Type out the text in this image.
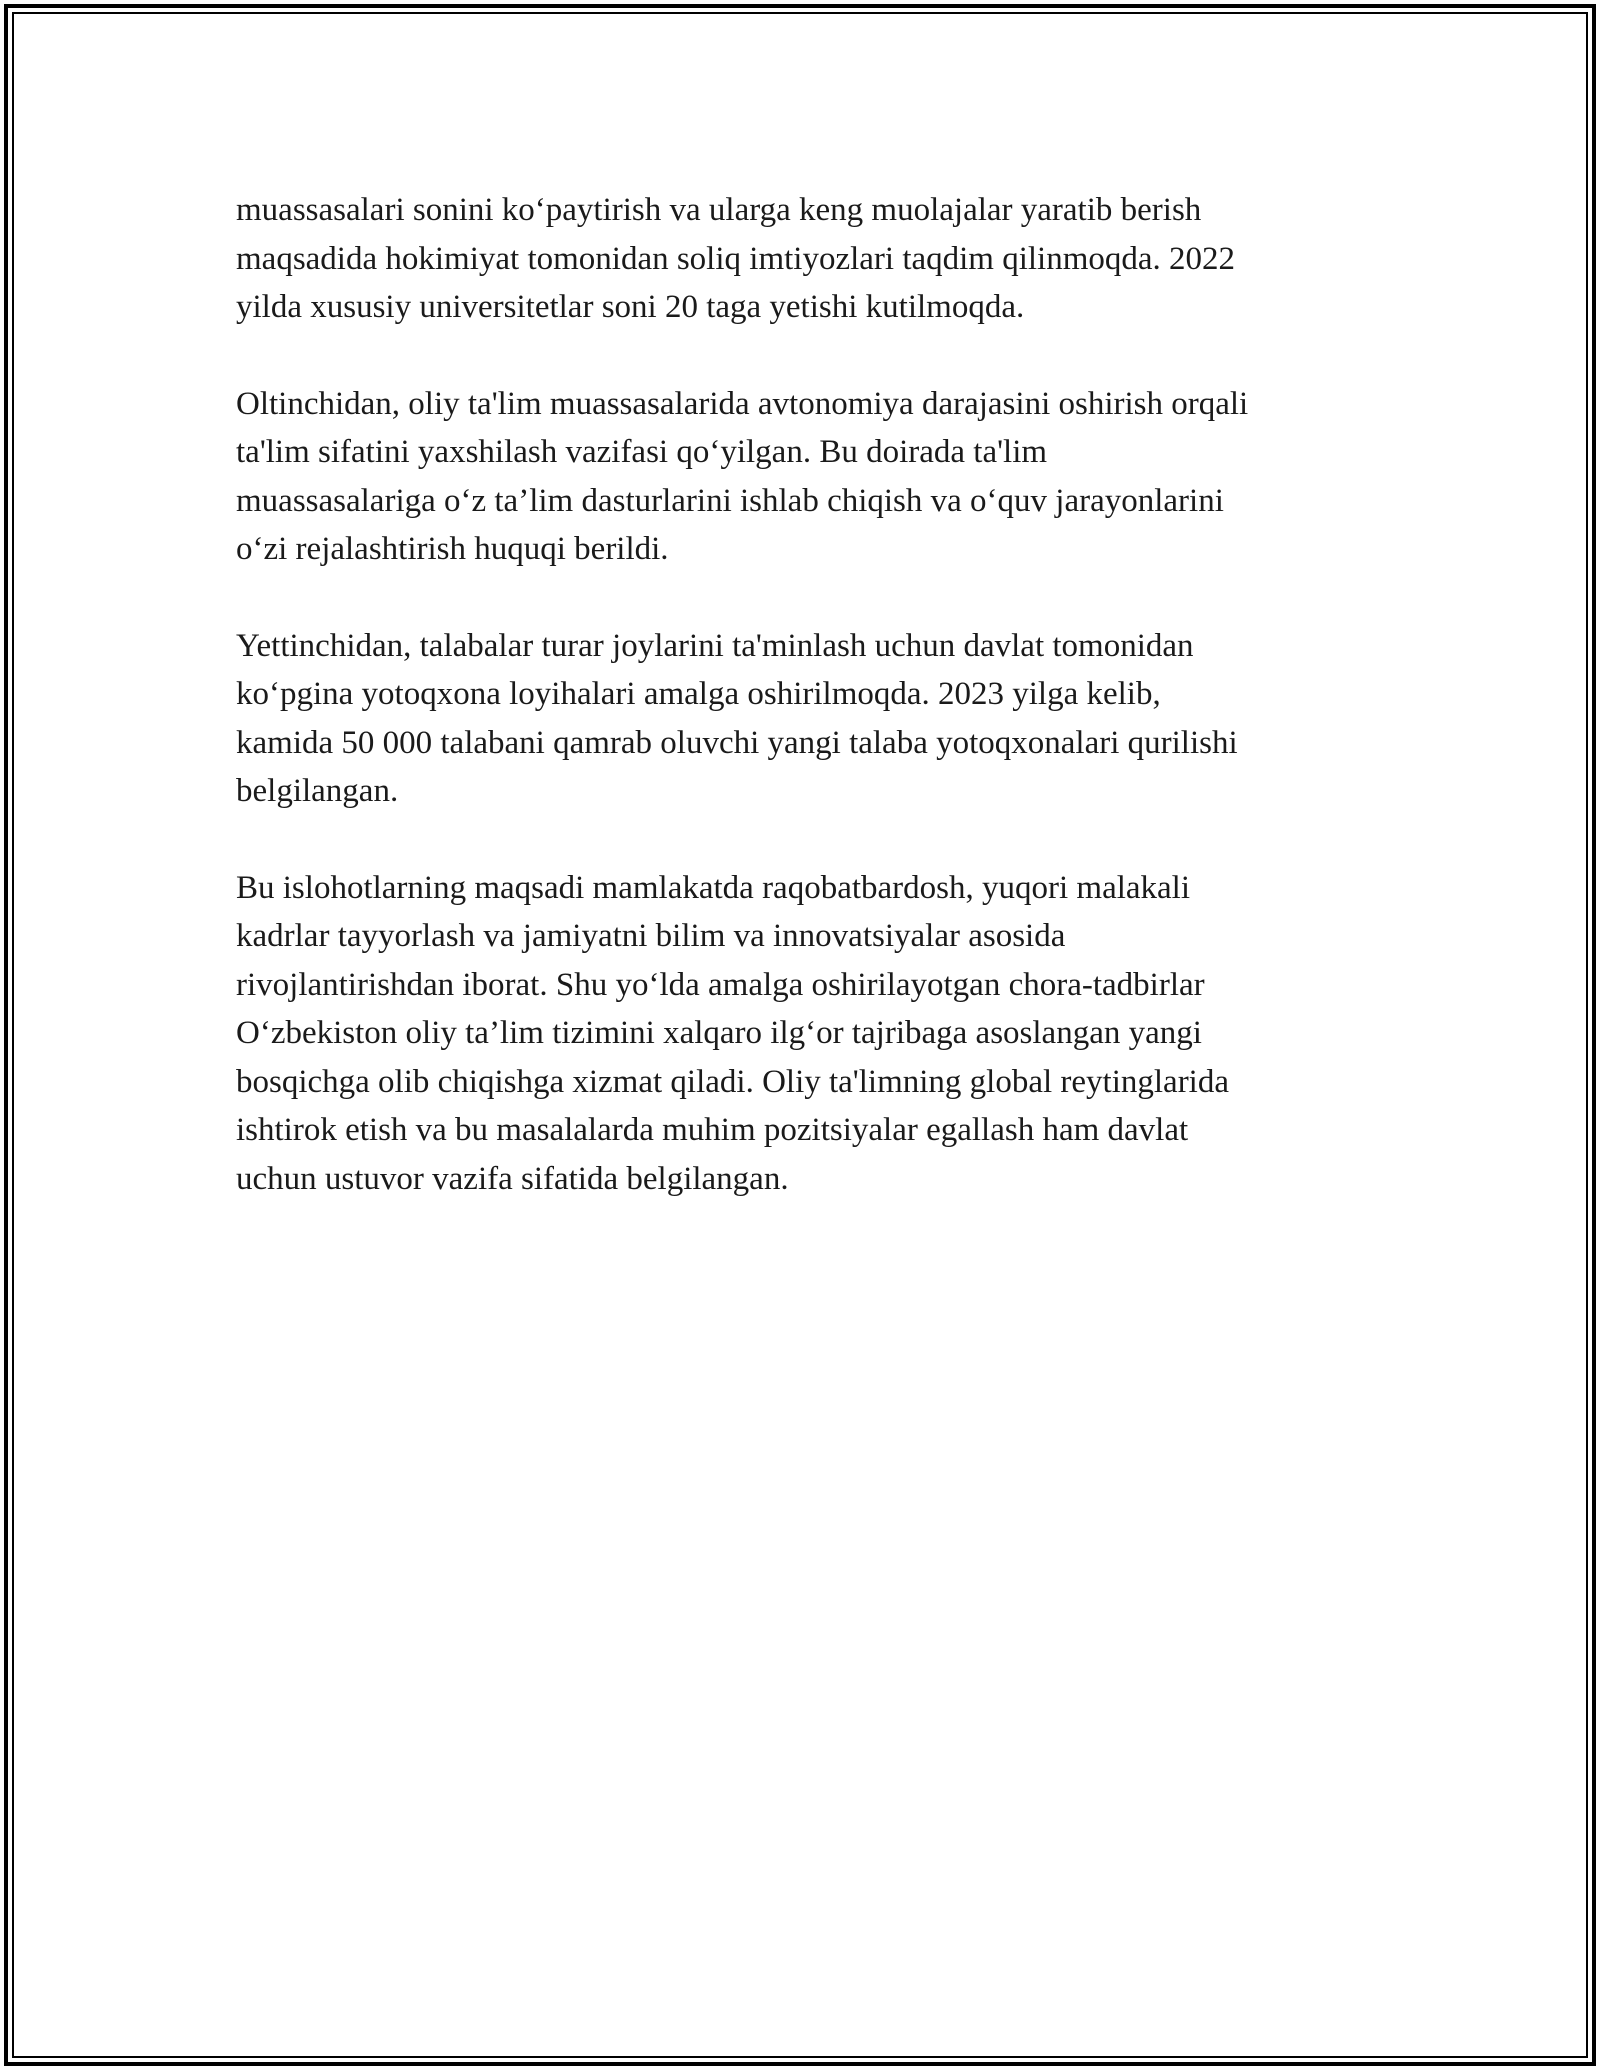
muassasalari sonini ko‘paytirish va ularga keng muolajalar yaratib berish
maqsadida hokimiyat tomonidan soliq imtiyozlari taqdim qilinmoqda. 2022
yilda xususiy universitetlar soni 20 taga yetishi kutilmoqda.

Oltinchidan, oliy ta'lim muassasalarida avtonomiya darajasini oshirish orqali
ta'lim sifatini yaxshilash vazifasi qo‘yilgan. Bu doirada ta'lim
muassasalariga o‘z ta’lim dasturlarini ishlab chiqish va o‘quv jarayonlarini
o‘zi rejalashtirish huquqi berildi.

Yettinchidan, talabalar turar joylarini ta'minlash uchun davlat tomonidan
ko‘pgina yotoqxona loyihalari amalga oshirilmoqda. 2023 yilga kelib,
kamida 50 000 talabani qamrab oluvchi yangi talaba yotoqxonalari qurilishi
belgilangan.

Bu islohotlarning maqsadi mamlakatda raqobatbardosh, yuqori malakali
kadrlar tayyorlash va jamiyatni bilim va innovatsiyalar asosida
rivojlantirishdan iborat. Shu yo‘lda amalga oshirilayotgan chora-tadbirlar
O‘zbekiston oliy ta’lim tizimini xalqaro ilg‘or tajribaga asoslangan yangi
bosqichga olib chiqishga xizmat qiladi. Oliy ta'limning global reytinglarida
ishtirok etish va bu masalalarda muhim pozitsiyalar egallash ham davlat
uchun ustuvor vazifa sifatida belgilangan.
